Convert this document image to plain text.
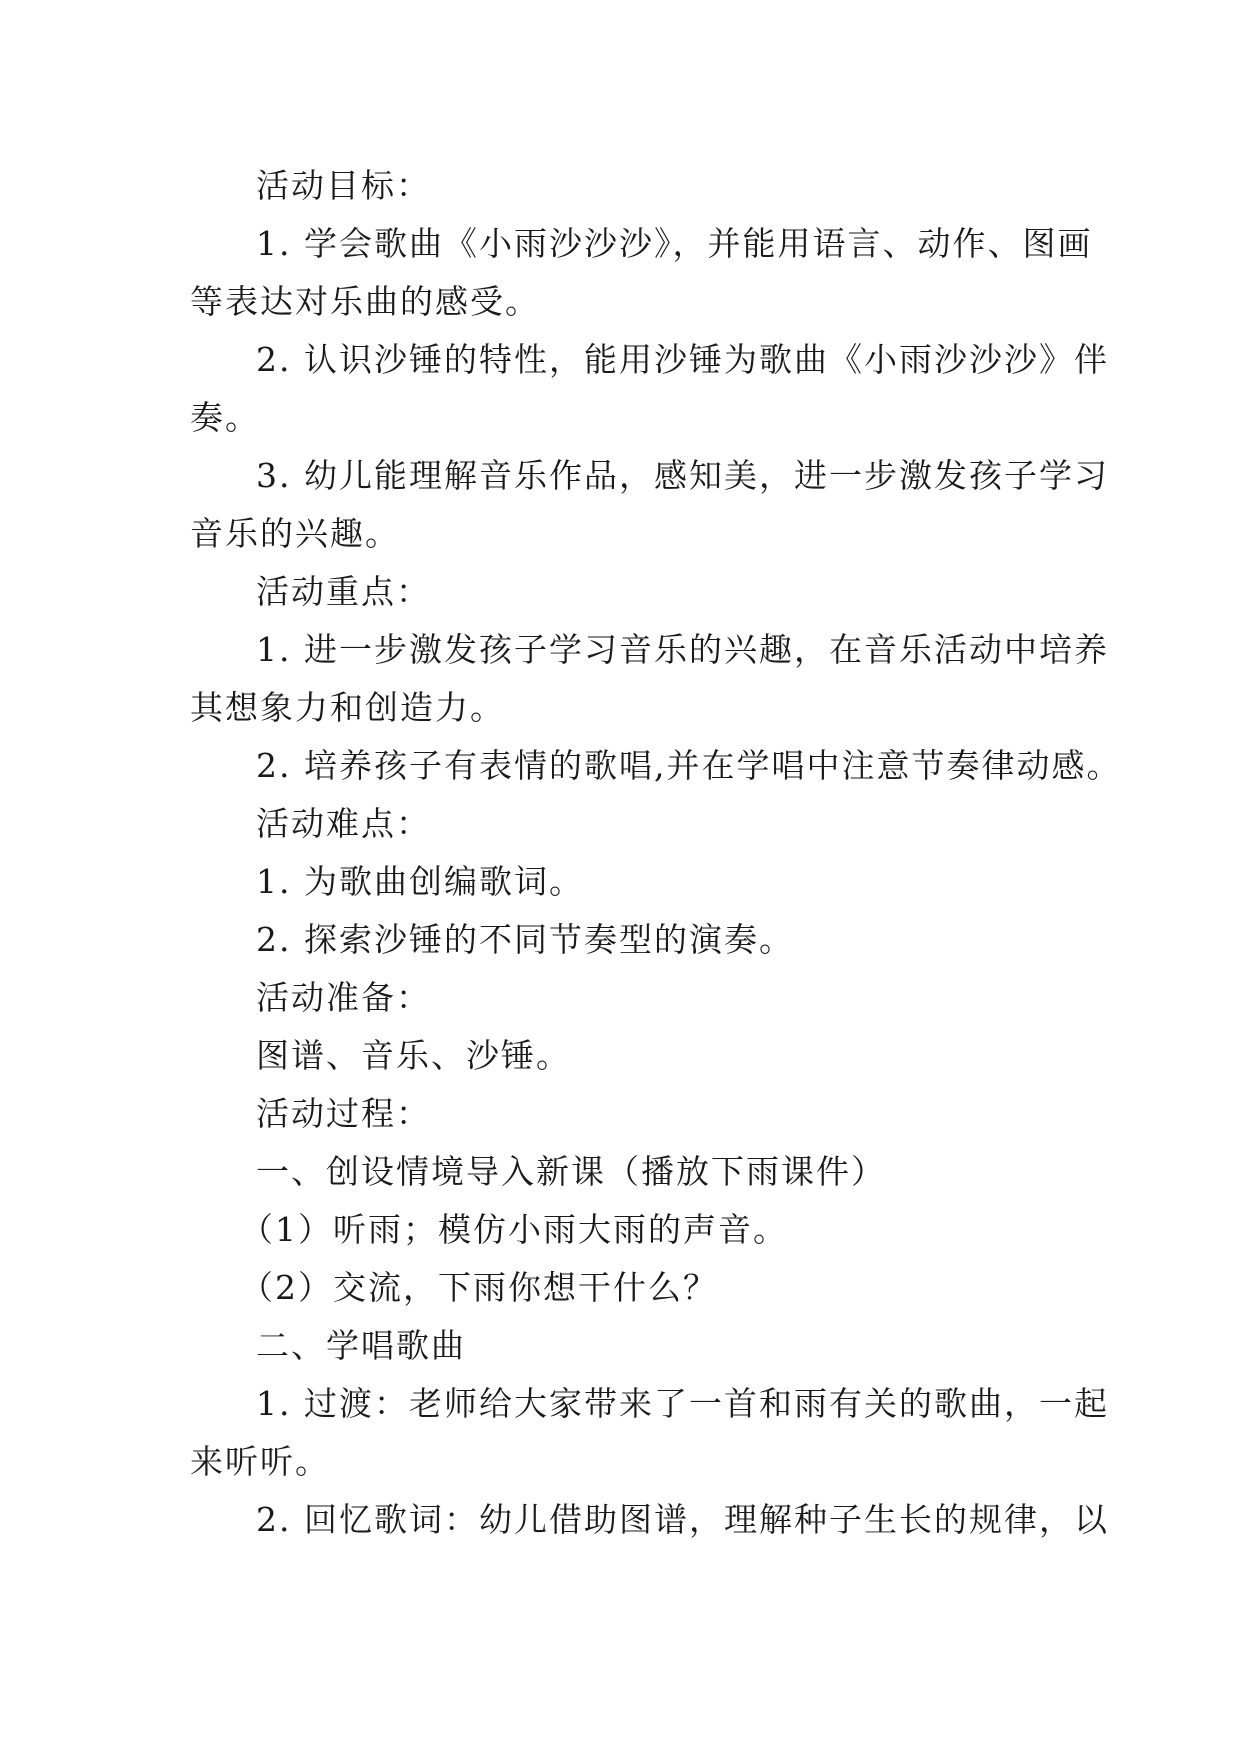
活动目标：
1. 学会歌曲《小雨沙沙沙》，并能用语言、动作、图画
等表达对乐曲的感受。
2. 认识沙锤的特性，能用沙锤为歌曲《小雨沙沙沙》伴
奏。
3. 幼儿能理解音乐作品，感知美，进一步激发孩子学习
音乐的兴趣。
活动重点：
1. 进一步激发孩子学习音乐的兴趣，在音乐活动中培养
其想象力和创造力。
2. 培养孩子有表情的歌唱,并在学唱中注意节奏律动感。
活动难点：
1. 为歌曲创编歌词。
2. 探索沙锤的不同节奏型的演奏。
活动准备：
图谱、音乐、沙锤。
活动过程：
一、创设情境导入新课（播放下雨课件）
（1）听雨；模仿小雨大雨的声音。
（2）交流，下雨你想干什么？
二、学唱歌曲
1. 过渡：老师给大家带来了一首和雨有关的歌曲，一起
来听听。
2. 回忆歌词：幼儿借助图谱，理解种子生长的规律，以
